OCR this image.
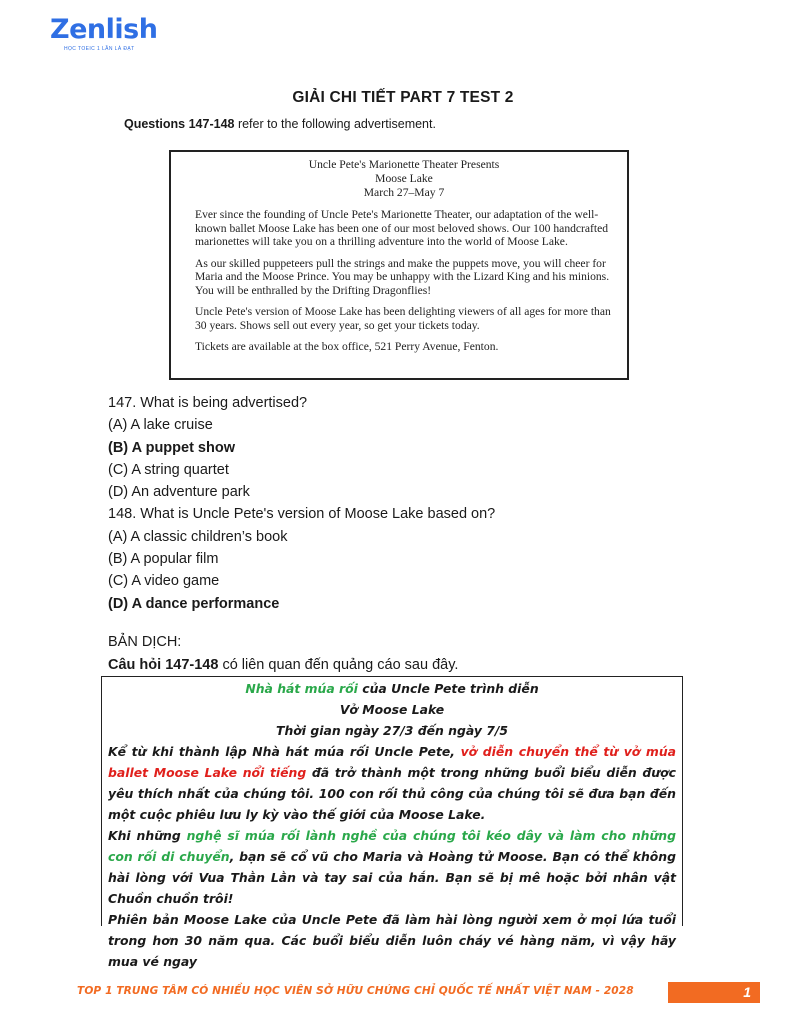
Zenlish
HỌC TOEIC 1 LẦN LÀ ĐẠT
GIẢI CHI TIẾT PART 7 TEST 2
Questions 147-148 refer to the following advertisement.
Uncle Pete's Marionette Theater Presents
Moose Lake
March 27–May 7

Ever since the founding of Uncle Pete's Marionette Theater, our adaptation of the well-known ballet Moose Lake has been one of our most beloved shows. Our 100 handcrafted marionettes will take you on a thrilling adventure into the world of Moose Lake.

As our skilled puppeteers pull the strings and make the puppets move, you will cheer for Maria and the Moose Prince. You may be unhappy with the Lizard King and his minions. You will be enthralled by the Drifting Dragonflies!

Uncle Pete's version of Moose Lake has been delighting viewers of all ages for more than 30 years. Shows sell out every year, so get your tickets today.

Tickets are available at the box office, 521 Perry Avenue, Fenton.

147. What is being advertised?
(A) A lake cruise
(B) A puppet show
(C) A string quartet
(D) An adventure park
148. What is Uncle Pete's version of Moose Lake based on?
(A) A classic children’s book
(B) A popular film
(C) A video game
(D) A dance performance
BẢN DỊCH:
Câu hỏi 147-148 có liên quan đến quảng cáo sau đây.
Nhà hát múa rối của Uncle Pete trình diễn
Vở Moose Lake
Thời gian ngày 27/3 đến ngày 7/5
Kể từ khi thành lập Nhà hát múa rối Uncle Pete, vở diễn chuyển thể từ vở múa ballet Moose Lake nổi tiếng đã trở thành một trong những buổi biểu diễn được yêu thích nhất của chúng tôi. 100 con rối thủ công của chúng tôi sẽ đưa bạn đến một cuộc phiêu lưu ly kỳ vào thế giới của Moose Lake.
Khi những nghệ sĩ múa rối lành nghề của chúng tôi kéo dây và làm cho những con rối di chuyển, bạn sẽ cổ vũ cho Maria và Hoàng tử Moose. Bạn có thể không hài lòng với Vua Thằn Lằn và tay sai của hắn. Bạn sẽ bị mê hoặc bởi nhân vật Chuồn chuồn trôi!
Phiên bản Moose Lake của Uncle Pete đã làm hài lòng người xem ở mọi lứa tuổi trong hơn 30 năm qua. Các buổi biểu diễn luôn cháy vé hàng năm, vì vậy hãy mua vé ngay
TOP 1 TRUNG TÂM CÓ NHIỀU HỌC VIÊN SỞ HỮU CHỨNG CHỈ QUỐC TẾ NHẤT VIỆT NAM - 2028	1
